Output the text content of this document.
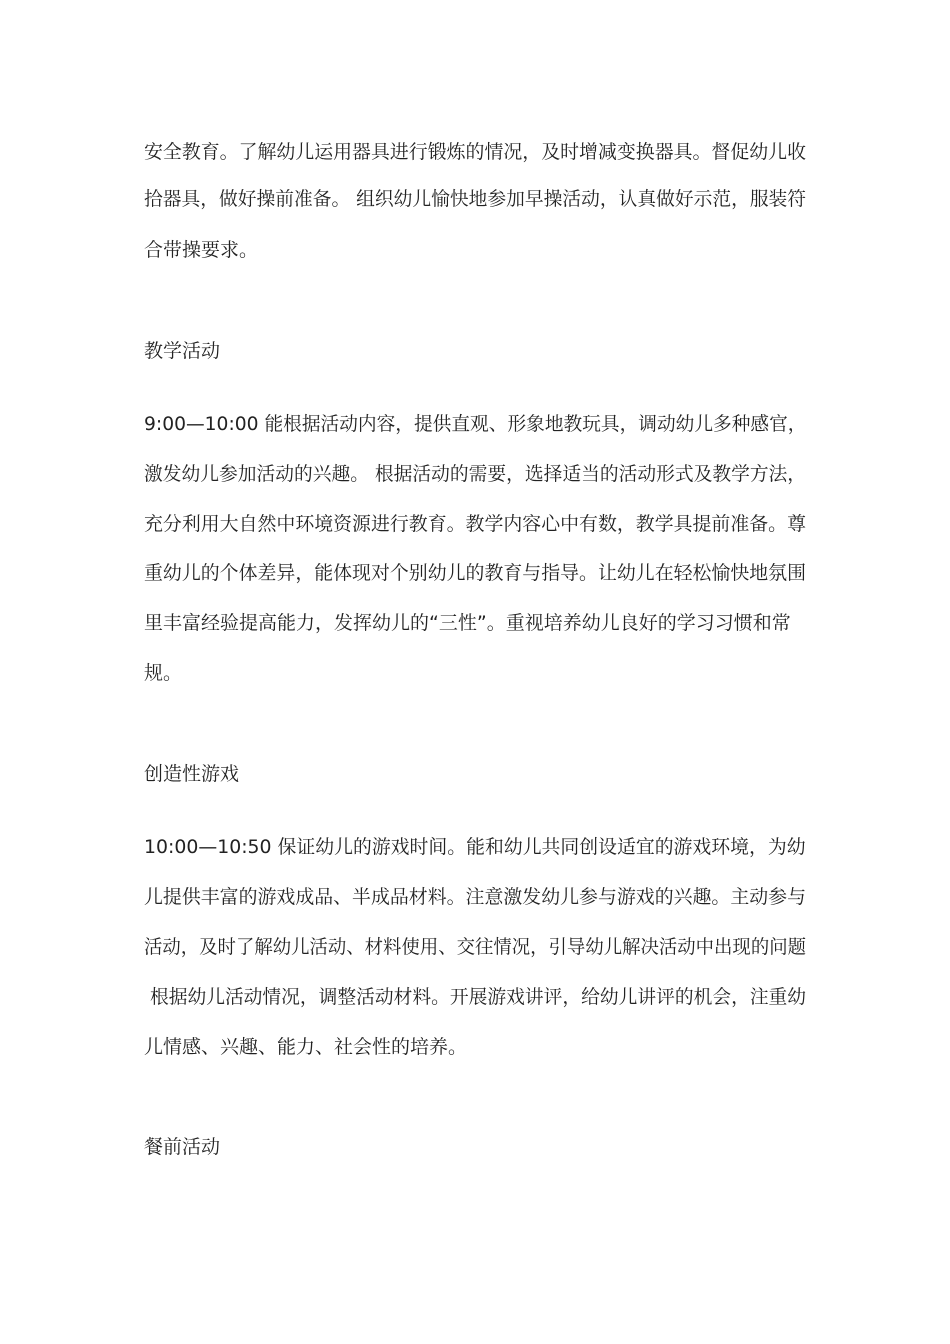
安全教育。了解幼儿运用器具进行锻炼的情况，及时增减变换器具。督促幼儿收
拾器具，做好操前准备。 组织幼儿愉快地参加早操活动，认真做好示范，服装符
合带操要求。
教学活动
9:00—10:00 能根据活动内容，提供直观、形象地教玩具，调动幼儿多种感官，
激发幼儿参加活动的兴趣。 根据活动的需要，选择适当的活动形式及教学方法，
充分利用大自然中环境资源进行教育。教学内容心中有数，教学具提前准备。尊
重幼儿的个体差异，能体现对个别幼儿的教育与指导。让幼儿在轻松愉快地氛围
里丰富经验提高能力，发挥幼儿的“三性”。重视培养幼儿良好的学习习惯和常
规。
创造性游戏
10:00—10:50 保证幼儿的游戏时间。能和幼儿共同创设适宜的游戏环境，为幼
儿提供丰富的游戏成品、半成品材料。注意激发幼儿参与游戏的兴趣。主动参与
活动，及时了解幼儿活动、材料使用、交往情况，引导幼儿解决活动中出现的问题
根据幼儿活动情况，调整活动材料。开展游戏讲评，给幼儿讲评的机会，注重幼
儿情感、兴趣、能力、社会性的培养。
餐前活动
